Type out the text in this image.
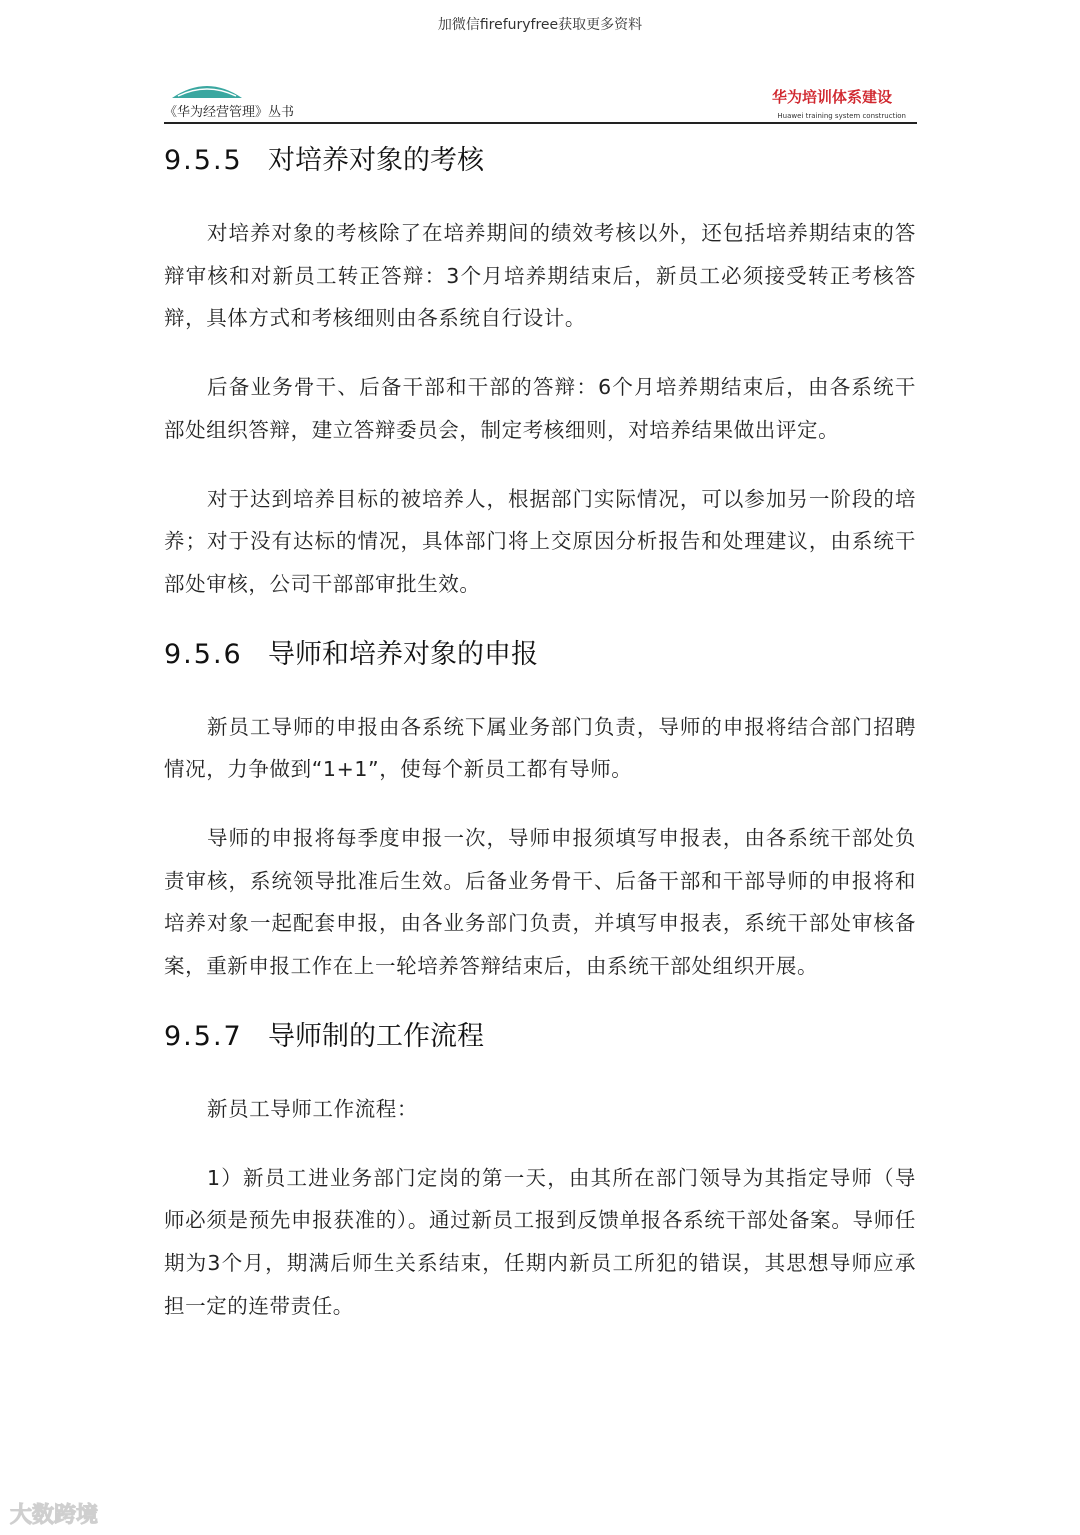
加微信firefuryfree获取更多资料
《华为经营管理》丛书
华为培训体系建设
Huawei training system construction
9.5.5 对培养对象的考核

对培养对象的考核除了在培养期间的绩效考核以外，还包括培养期结束的答辩审核和对新员工转正答辩：3个月培养期结束后，新员工必须接受转正考核答辩，具体方式和考核细则由各系统自行设计。

后备业务骨干、后备干部和干部的答辩：6个月培养期结束后，由各系统干部处组织答辩，建立答辩委员会，制定考核细则，对培养结果做出评定。

对于达到培养目标的被培养人，根据部门实际情况，可以参加另一阶段的培养；对于没有达标的情况，具体部门将上交原因分析报告和处理建议，由系统干部处审核，公司干部部审批生效。

9.5.6 导师和培养对象的申报

新员工导师的申报由各系统下属业务部门负责，导师的申报将结合部门招聘情况，力争做到“1+1”，使每个新员工都有导师。

导师的申报将每季度申报一次，导师申报须填写申报表，由各系统干部处负责审核，系统领导批准后生效。后备业务骨干、后备干部和干部导师的申报将和培养对象一起配套申报，由各业务部门负责，并填写申报表，系统干部处审核备案，重新申报工作在上一轮培养答辩结束后，由系统干部处组织开展。

9.5.7 导师制的工作流程

新员工导师工作流程：

1）新员工进业务部门定岗的第一天，由其所在部门领导为其指定导师（导师必须是预先申报获准的）。通过新员工报到反馈单报各系统干部处备案。导师任期为3个月，期满后师生关系结束，任期内新员工所犯的错误，其思想导师应承担一定的连带责任。

大数跨境
